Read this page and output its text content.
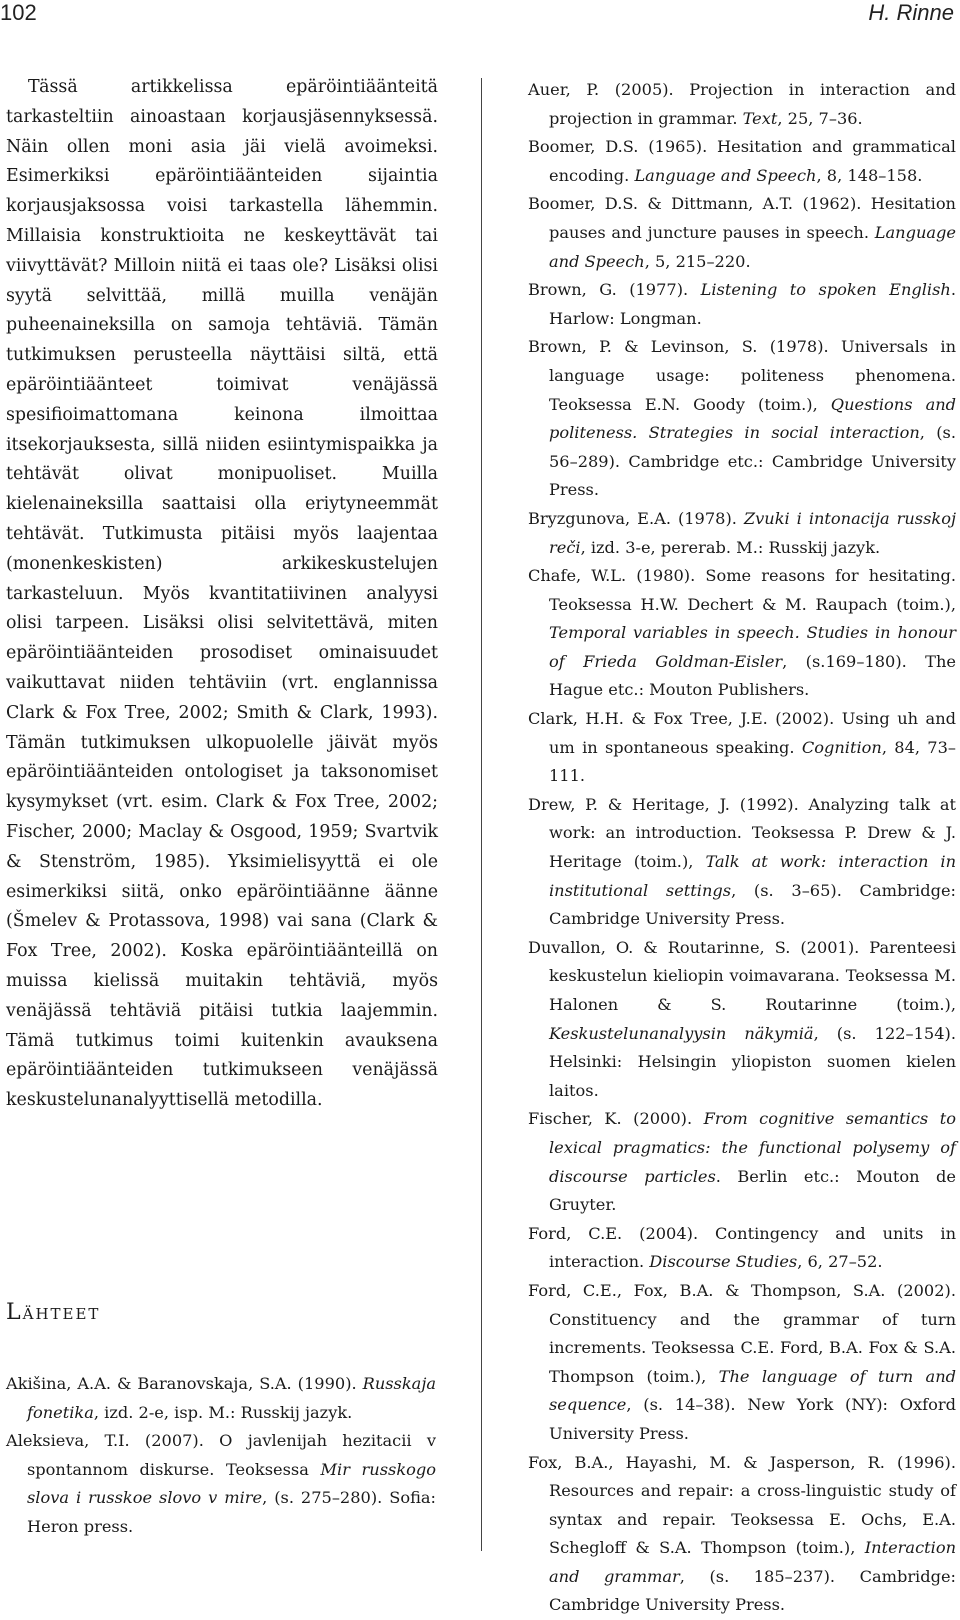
102	H. Rinne

Tässä artikkelissa epäröintiäänteitä tarkasteltiin ainoastaan korjausjäsennyksessä. Näin ollen moni asia jäi vielä avoimeksi. Esimerkiksi epäröintiäänteiden sijaintia korjausjaksossa voisi tarkastella lähemmin. Millaisia konstruktioita ne keskeyttävät tai viivyttävät? Milloin niitä ei taas ole? Lisäksi olisi syytä selvittää, millä muilla venäjän puheenaineksilla on samoja tehtäviä. Tämän tutkimuksen perusteella näyttäisi siltä, että epäröintiäänteet toimivat venäjässä spesifioimattomana keinona ilmoittaa itsekorjauksesta, sillä niiden esiintymispaikka ja tehtävät olivat monipuoliset. Muilla kielenaineksilla saattaisi olla eriytyneemmät tehtävät. Tutkimusta pitäisi myös laajentaa (monenkeskisten) arkikeskustelujen tarkasteluun. Myös kvantitatiivinen analyysi olisi tarpeen. Lisäksi olisi selvitettävä, miten epäröintiäänteiden prosodiset ominaisuudet vaikuttavat niiden tehtäviin (vrt. englannissa Clark & Fox Tree, 2002; Smith & Clark, 1993). Tämän tutkimuksen ulkopuolelle jäivät myös epäröintiäänteiden ontologiset ja taksonomiset kysymykset (vrt. esim. Clark & Fox Tree, 2002; Fischer, 2000; Maclay & Osgood, 1959; Svartvik & Stenström, 1985). Yksimielisyyttä ei ole esimerkiksi siitä, onko epäröintiäänne äänne (Šmelev & Protassova, 1998) vai sana (Clark & Fox Tree, 2002). Koska epäröintiäänteillä on muissa kielissä muitakin tehtäviä, myös venäjässä tehtäviä pitäisi tutkia laajemmin. Tämä tutkimus toimi kuitenkin avauksena epäröintiäänteiden tutkimukseen venäjässä keskustelunanalyyttisellä metodilla.

Lähteet

Akišina, A.A. & Baranovskaja, S.A. (1990). Russkaja fonetika, izd. 2-e, isp. M.: Russkij jazyk.

Aleksieva, T.I. (2007). O javlenijah hezitacii v spontannom diskurse. Teoksessa Mir russkogo slova i russkoe slovo v mire, (s. 275–280). Sofia: Heron press.

Auer, P. (2005). Projection in interaction and projection in grammar. Text, 25, 7–36.

Boomer, D.S. (1965). Hesitation and grammatical encoding. Language and Speech, 8, 148–158.

Boomer, D.S. & Dittmann, A.T. (1962). Hesitation pauses and juncture pauses in speech. Language and Speech, 5, 215–220.

Brown, G. (1977). Listening to spoken English. Harlow: Longman.

Brown, P. & Levinson, S. (1978). Universals in language usage: politeness phenomena. Teoksessa E.N. Goody (toim.), Questions and politeness. Strategies in social interaction, (s. 56–289). Cambridge etc.: Cambridge University Press.

Bryzgunova, E.A. (1978). Zvuki i intonacija russkoj reči, izd. 3-e, pererab. M.: Russkij jazyk.

Chafe, W.L. (1980). Some reasons for hesitating. Teoksessa H.W. Dechert & M. Raupach (toim.), Temporal variables in speech. Studies in honour of Frieda Goldman-Eisler, (s.169–180). The Hague etc.: Mouton Publishers.

Clark, H.H. & Fox Tree, J.E. (2002). Using uh and um in spontaneous speaking. Cognition, 84, 73–111.

Drew, P. & Heritage, J. (1992). Analyzing talk at work: an introduction. Teoksessa P. Drew & J. Heritage (toim.), Talk at work: interaction in institutional settings, (s. 3–65). Cambridge: Cambridge University Press.

Duvallon, O. & Routarinne, S. (2001). Parenteesi keskustelun kieliopin voimavarana. Teoksessa M. Halonen & S. Routarinne (toim.), Keskustelunanalyysin näkymiä, (s. 122–154). Helsinki: Helsingin yliopiston suomen kielen laitos.

Fischer, K. (2000). From cognitive semantics to lexical pragmatics: the functional polysemy of discourse particles. Berlin etc.: Mouton de Gruyter.

Ford, C.E. (2004). Contingency and units in interaction. Discourse Studies, 6, 27–52.

Ford, C.E., Fox, B.A. & Thompson, S.A. (2002). Constituency and the grammar of turn increments. Teoksessa C.E. Ford, B.A. Fox & S.A. Thompson (toim.), The language of turn and sequence, (s. 14–38). New York (NY): Oxford University Press.

Fox, B.A., Hayashi, M. & Jasperson, R. (1996). Resources and repair: a cross-linguistic study of syntax and repair. Teoksessa E. Ochs, E.A. Schegloff & S.A. Thompson (toim.), Interaction and grammar, (s. 185–237). Cambridge: Cambridge University Press.
